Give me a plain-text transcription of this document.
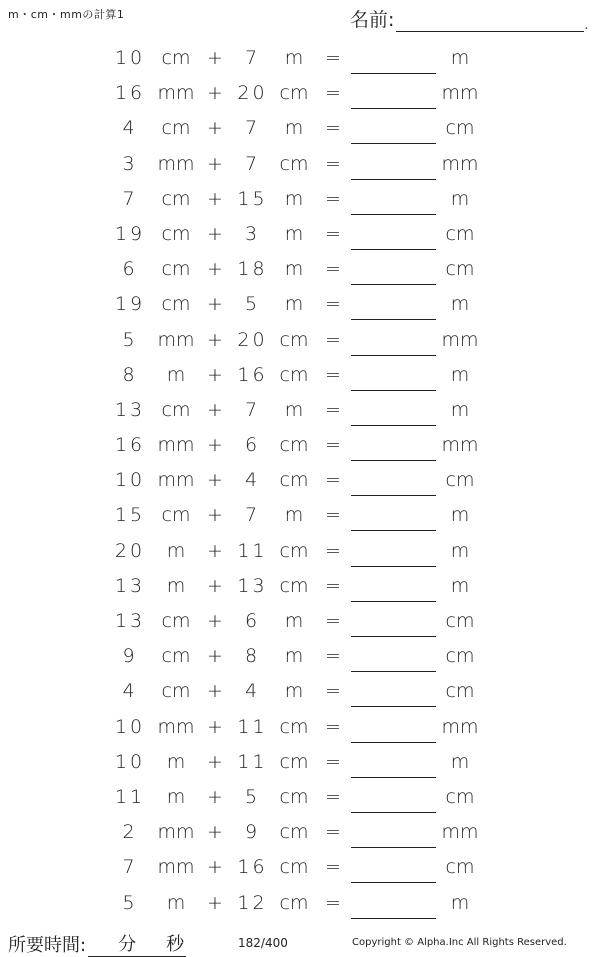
m・cm・mmの計算1	名前:	.
10 cm +	7	m	=	m
16 mm + 20 cm =	mm
4	cm +	7	m	=	cm
3	mm +	7	cm =	mm
7	cm + 15 m	=	m
19 cm +	3	m	=	cm
6	cm + 18 m	=	cm
19 cm +	5	m	=	m
5	mm + 20 cm =	mm
8	m	+ 16 cm =	m
13 cm +	7	m	=	m
16 mm +	6	cm =	mm
10 mm +	4	cm =	cm
15 cm +	7	m	=	m
20	m	+ 11 cm =	m
13	m	+ 13 cm =	m
13 cm +	6	m	=	cm
9	cm +	8	m	=	cm
4	cm +	4	m	=	cm
10 mm + 11 cm =	mm
10	m	+ 11 cm =	m
11	m	+	5	cm =	cm
2	mm +	9	cm =	mm
7	mm + 16 cm =	cm
5	m	+ 12 cm =	m
所要時間: 分 秒	182/400	Copyright © Alpha.Inc All Rights Reserved.
